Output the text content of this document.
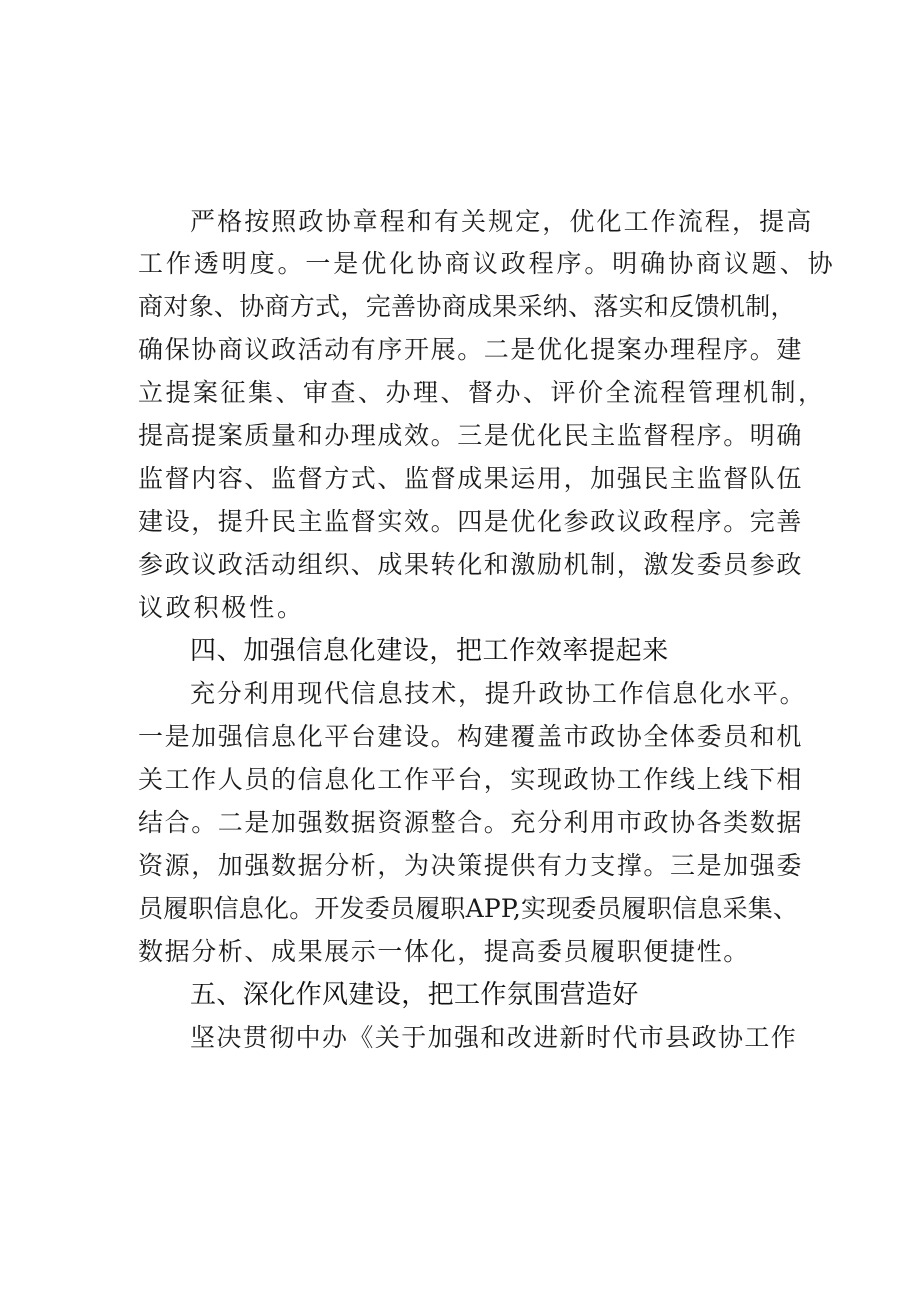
严格按照政协章程和有关规定，优化工作流程，提高
工作透明度。一是优化协商议政程序。明确协商议题、协
商对象、协商方式，完善协商成果采纳、落实和反馈机制，
确保协商议政活动有序开展。二是优化提案办理程序。建
立提案征集、审查、办理、督办、评价全流程管理机制，
提高提案质量和办理成效。三是优化民主监督程序。明确
监督内容、监督方式、监督成果运用，加强民主监督队伍
建设，提升民主监督实效。四是优化参政议政程序。完善
参政议政活动组织、成果转化和激励机制，激发委员参政
议政积极性。
四、加强信息化建设，把工作效率提起来
充分利用现代信息技术，提升政协工作信息化水平。
一是加强信息化平台建设。构建覆盖市政协全体委员和机
关工作人员的信息化工作平台，实现政协工作线上线下相
结合。二是加强数据资源整合。充分利用市政协各类数据
资源，加强数据分析，为决策提供有力支撑。三是加强委
员履职信息化。开发委员履职APP,实现委员履职信息采集、
数据分析、成果展示一体化，提高委员履职便捷性。
五、深化作风建设，把工作氛围营造好
坚决贯彻中办《关于加强和改进新时代市县政协工作
